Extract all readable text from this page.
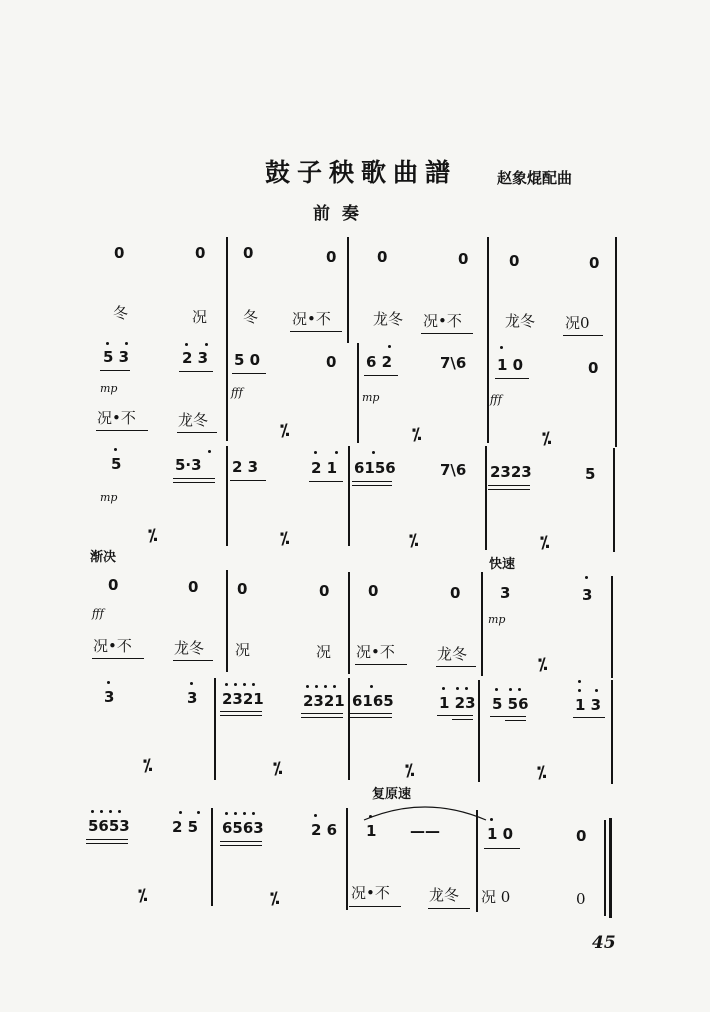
鼓子秧歌曲譜	赵象焜配曲
前  奏
0	0	0	0	0	0	0	0
冬	况 冬 况•不	龙冬 况•不	龙冬 况0
5 3	2 3 5 0	0 6 2	7\6 1 0	0
mp	fff	mp	fff
况•不	龙冬
⁒	⁒	⁒
5	5·3 2 3	2 1 6156	7\6 2323	5
mp
⁒	⁒	⁒	⁒
渐决	快速
0	0	0	0	0	0	3	3
fff	mp
况•不	龙冬 况	况 况•不	龙冬
⁒
3	3 2321	2321 6165	1 23 5 56	1 3
⁒	⁒	⁒	⁒
复原速
5653	2 5 6563	2 6 1 ——	1 0	0
⁒	⁒	况•不	龙冬 况 0	0
45
